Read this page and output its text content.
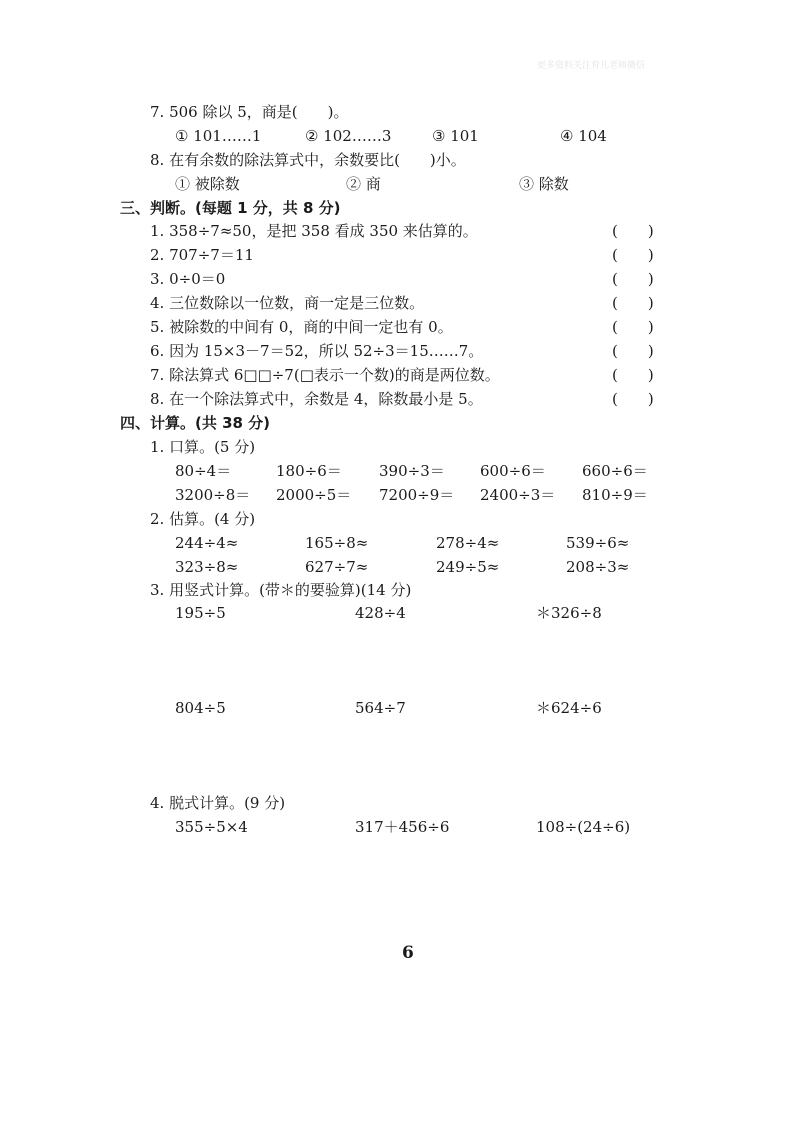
更多资料关注育儿老师微信
7. 506 除以 5，商是(　　)。
① 101……1	② 102……3	③ 101	④ 104
8. 在有余数的除法算式中，余数要比(　　)小。
① 被除数	② 商	③ 除数
三、判断。(每题 1 分，共 8 分)
1. 358÷7≈50，是把 358 看成 350 来估算的。	(　　)
2. 707÷7＝11	(　　)
3. 0÷0＝0	(　　)
4. 三位数除以一位数，商一定是三位数。	(　　)
5. 被除数的中间有 0，商的中间一定也有 0。	(　　)
6. 因为 15×3－7＝52，所以 52÷3＝15……7。	(　　)
7. 除法算式 6□□÷7(□表示一个数)的商是两位数。	(　　)
8. 在一个除法算式中，余数是 4，除数最小是 5。	(　　)
四、计算。(共 38 分)
1. 口算。(5 分)
80÷4＝	180÷6＝ 390÷3＝ 600÷6＝ 660÷6＝
3200÷8＝ 2000÷5＝ 7200÷9＝ 2400÷3＝ 810÷9＝
2. 估算。(4 分)
244÷4≈	165÷8≈	278÷4≈	539÷6≈
323÷8≈	627÷7≈	249÷5≈	208÷3≈
3. 用竖式计算。(带＊的要验算)(14 分)
195÷5	428÷4	＊326÷8
804÷5	564÷7	＊624÷6
4. 脱式计算。(9 分)
355÷5×4	317＋456÷6	108÷(24÷6)
6
